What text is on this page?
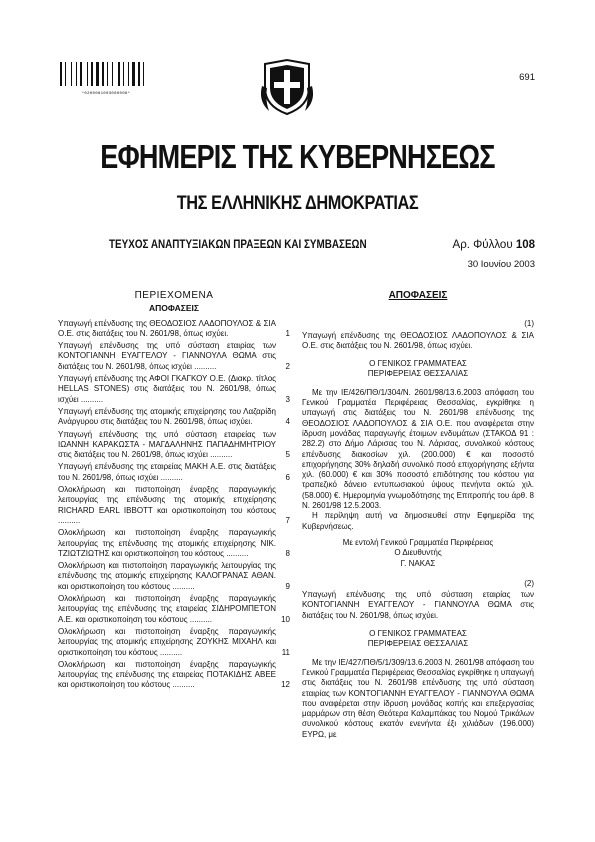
*0200081003060008*
691
ΕΦΗΜΕΡΙΣ ΤΗΣ ΚΥΒΕΡΝΗΣΕΩΣ
ΤΗΣ ΕΛΛΗΝΙΚΗΣ ΔΗΜΟΚΡΑΤΙΑΣ
ΤΕΥΧΟΣ ΑΝΑΠΤΥΞΙΑΚΩΝ ΠΡΑΞΕΩΝ ΚΑΙ ΣΥΜΒΑΣΕΩΝ	Αρ. Φύλλου 108
30 Ιουνίου 2003
ΠΕΡΙΕΧΟΜΕΝΑ
ΑΠΟΦΑΣΕΙΣ
Υπαγωγή επένδυσης της ΘΕΟΔΟΣΙΟΣ ΛΑΔΟΠΟΥΛΟΣ & ΣΙΑ Ο.Ε. στις διατάξεις του Ν. 2601/98, όπως ισχύει.	1
Υπαγωγή επένδυσης της υπό σύσταση εταιρίας των ΚΟΝΤΟΓΙΑΝΝΗ ΕΥΑΓΓΕΛΟΥ - ΓΙΑΝΝΟΥΛΑ ΘΩΜΑ στις διατάξεις του Ν. 2601/98, όπως ισχύει ..........	2
Υπαγωγή επένδυσης της ΑΦΟΙ ΓΚΑΓΚΟΥ Ο.Ε. (Διακρ. τίτλος HELLAS STONES) στις διατάξεις του Ν. 2601/98, όπως ισχύει ..........	3
Υπαγωγή επένδυσης της ατομικής επιχείρησης του Λαζαρίδη Ανάργυρου στις διατάξεις του Ν. 2601/98, όπως ισχύει.	4
Υπαγωγή επένδυσης της υπό σύσταση εταιρείας των ΙΩΑΝΝΗ ΚΑΡΑΚΩΣΤΑ - ΜΑΓΔΑΛΗΝΗΣ ΠΑΠΑΔΗΜΗΤΡΙΟΥ στις διατάξεις του Ν. 2601/98, όπως ισχύει ..........	5
Υπαγωγή επένδυσης της εταιρείας ΜΑΚΗ Α.Ε. στις διατάξεις του Ν. 2601/98, όπως ισχύει ..........	6
Ολοκλήρωση και πιστοποίηση έναρξης παραγωγικής λειτουργίας της επένδυσης της ατομικής επιχείρησης RICHARD EARL IBBOTT και οριστικοποίηση του κόστους ..........	7
Ολοκλήρωση και πιστοποίηση έναρξης παραγωγικής λειτουργίας της επένδυσης της ατομικής επιχείρησης ΝΙΚ. ΤΖΙΩΤΖΙΩΤΗΣ και οριστικοποίηση του κόστους ..........	8
Ολοκλήρωση και πιστοποίηση παραγωγικής λειτουργίας της επένδυσης της ατομικής επιχείρησης ΚΑΛΟΓΡΑΝΑΣ ΑΘΑΝ. και οριστικοποίηση του κόστους ..........	9
Ολοκλήρωση και πιστοποίηση έναρξης παραγωγικής λειτουργίας της επένδυσης της εταιρείας ΣΙΔΗΡΟΜΠΕΤΟΝ Α.Ε. και οριστικοποίηση του κόστους ..........	10
Ολοκλήρωση και πιστοποίηση έναρξης παραγωγικής λειτουργίας της ατομικής επιχείρησης ΖΟΥΚΗΣ ΜΙΧΑΗΛ και οριστικοποίηση του κόστους ..........	11
Ολοκλήρωση και πιστοποίηση έναρξης παραγωγικής λειτουργίας της επένδυσης της εταιρείας ΠΟΤΑΚΙΔΗΣ ΑΒΕΕ και οριστικοποίηση του κόστους ..........	12
ΑΠΟΦΑΣΕΙΣ
(1)
Υπαγωγή επένδυσης της ΘΕΟΔΟΣΙΟΣ ΛΑΔΟΠΟΥΛΟΣ & ΣΙΑ Ο.Ε. στις διατάξεις του Ν. 2601/98, όπως ισχύει.
Ο ΓΕΝΙΚΟΣ ΓΡΑΜΜΑΤΕΑΣ
ΠΕΡΙΦΕΡΕΙΑΣ ΘΕΣΣΑΛΙΑΣ
Με την ΙΕ/426/ΠΘ/1/304/Ν. 2601/98/13.6.2003 απόφαση του Γενικού Γραμματέα Περιφέρειας Θεσσαλίας, εγκρίθηκε η υπαγωγή στις διατάξεις του Ν. 2601/98 επένδυσης της ΘΕΟΔΟΣΙΟΣ ΛΑΔΟΠΟΥΛΟΣ & ΣΙΑ Ο.Ε. που αναφέρεται στην ίδρυση μονάδας παραγωγής έτοιμων ενδυμάτων (ΣΤΑΚΟΔ 91 : 282.2) στο Δήμο Λάρισας του Ν. Λάρισας, συνολικού κόστους επένδυσης διακοσίων χιλ. (200.000) € και ποσοστό επιχορήγησης 30% δηλαδή συνολικό ποσό επιχορήγησης εξήντα χιλ. (60.000) € και 30% ποσοστό επιδότησης του κόστου για τραπεζικό δάνειο εντυπωσιακού ύψους πενήντα οκτώ χιλ. (58.000) €. Ημερομηνία γνωμοδότησης της Επιτροπής του άρθ. 8 Ν. 2601/98 12.5.2003.
Η περίληψη αυτή να δημοσιευθεί στην Εφημερίδα της Κυβερνήσεως.
Με εντολή Γενικού Γραμματέα Περιφέρειας
Ο Διευθυντής
Γ. ΝΑΚΑΣ
(2)
Υπαγωγή επένδυσης της υπό σύσταση εταιρίας των ΚΟΝΤΟΓΙΑΝΝΗ ΕΥΑΓΓΕΛΟΥ - ΓΙΑΝΝΟΥΛΑ ΘΩΜΑ στις διατάξεις του Ν. 2601/98, όπως ισχύει.
Ο ΓΕΝΙΚΟΣ ΓΡΑΜΜΑΤΕΑΣ
ΠΕΡΙΦΕΡΕΙΑΣ ΘΕΣΣΑΛΙΑΣ
Με την ΙΕ/427/ΠΘ/5/1/309/13.6.2003 Ν. 2601/98 απόφαση του Γενικού Γραμματέα Περιφέρειας Θεσσαλίας εγκρίθηκε η υπαγωγή στις διατάξεις του Ν. 2601/98 επένδυσης της υπό σύσταση εταιρίας των ΚΟΝΤΟΓΙΑΝΝΗ ΕΥΑΓΓΕΛΟΥ - ΓΙΑΝΝΟΥΛΑ ΘΩΜΑ που αναφέρεται στην ίδρυση μονάδας κοπής και επεξεργασίας μαρμάρων στη θέση Θεότερα Καλαμπάκας του Νομού Τρικάλων συνολικού κόστους εκατόν ενενήντα έξι χιλιάδων (196.000) ΕΥΡΩ, με
